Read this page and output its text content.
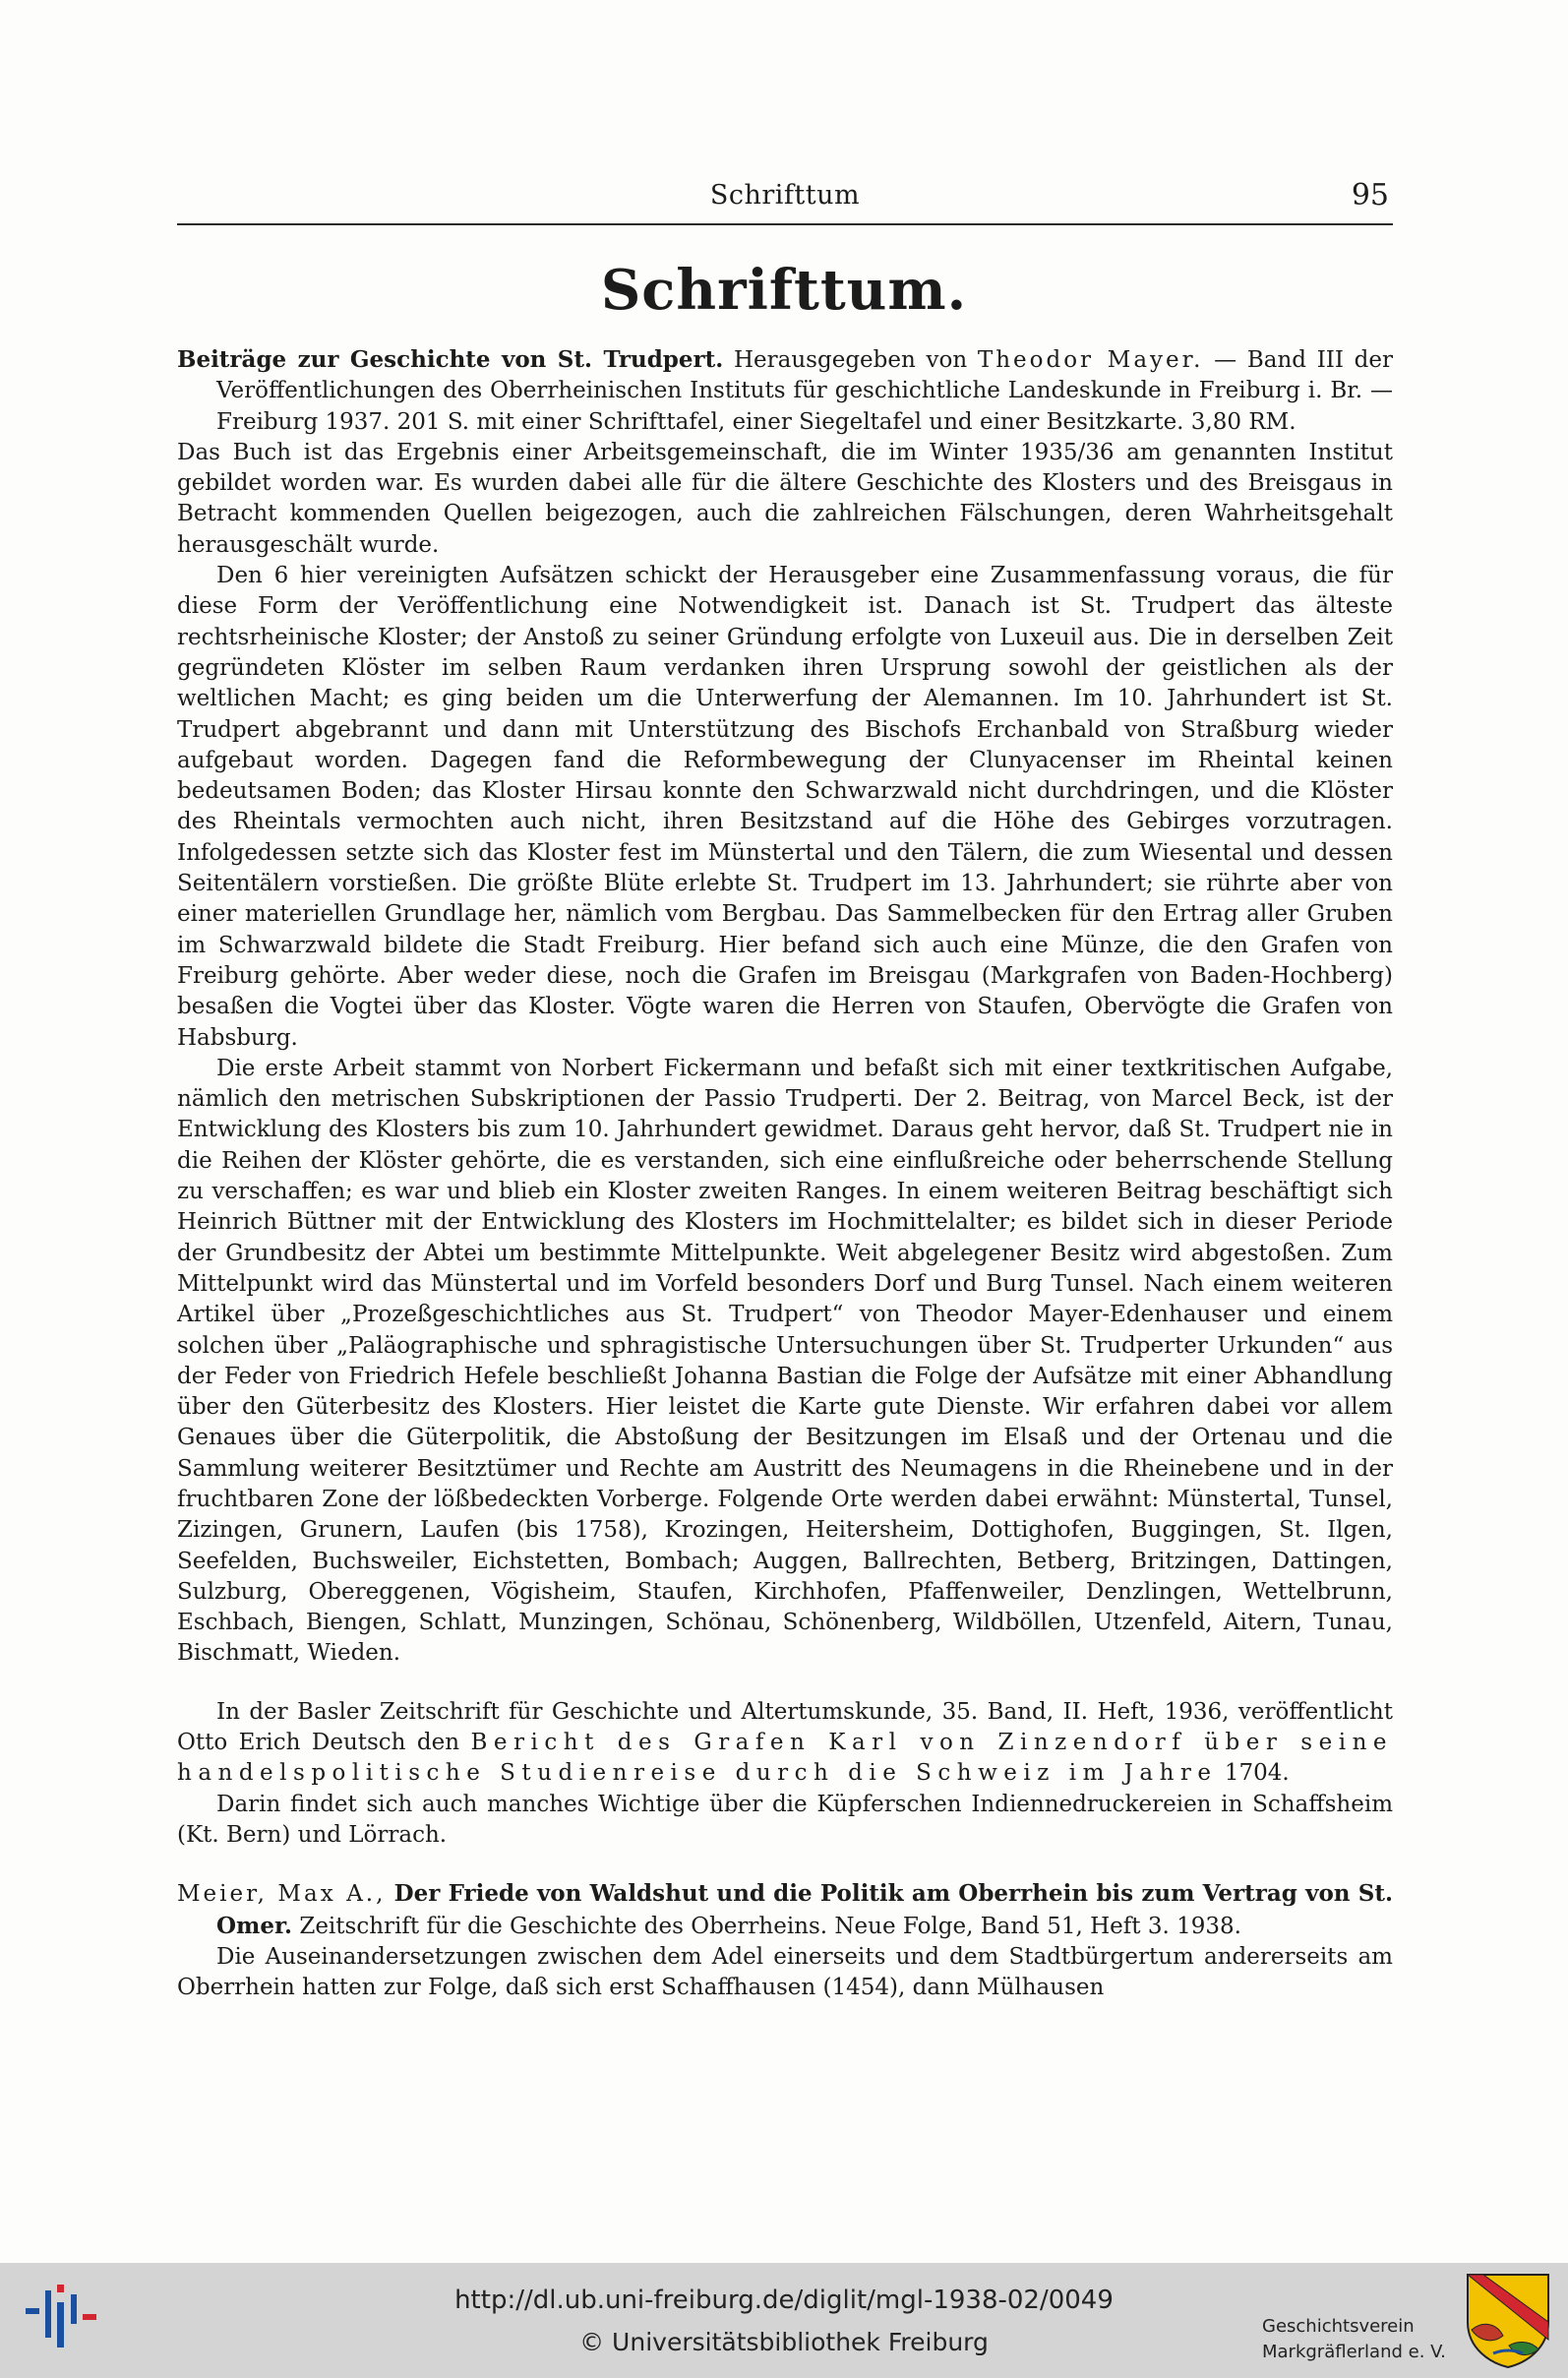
Schrifttum	95
Schrifttum.

Beiträge zur Geschichte von St. Trudpert. Herausgegeben von Theodor Mayer. — Band III der Veröffentlichungen des Oberrheinischen Instituts für geschichtliche Landeskunde in Freiburg i. Br. — Freiburg 1937. 201 S. mit einer Schrifttafel, einer Siegeltafel und einer Besitzkarte. 3,80 RM.

Das Buch ist das Ergebnis einer Arbeitsgemeinschaft, die im Winter 1935/36 am genannten Institut gebildet worden war. Es wurden dabei alle für die ältere Geschichte des Klosters und des Breisgaus in Betracht kommenden Quellen beigezogen, auch die zahlreichen Fälschungen, deren Wahrheitsgehalt herausgeschält wurde.

Den 6 hier vereinigten Aufsätzen schickt der Herausgeber eine Zusammenfassung voraus, die für diese Form der Veröffentlichung eine Notwendigkeit ist. Danach ist St. Trudpert das älteste rechtsrheinische Kloster; der Anstoß zu seiner Gründung erfolgte von Luxeuil aus. Die in derselben Zeit gegründeten Klöster im selben Raum verdanken ihren Ursprung sowohl der geistlichen als der weltlichen Macht; es ging beiden um die Unterwerfung der Alemannen. Im 10. Jahrhundert ist St. Trudpert abgebrannt und dann mit Unterstützung des Bischofs Erchanbald von Straßburg wieder aufgebaut worden. Dagegen fand die Reformbewegung der Clunyacenser im Rheintal keinen bedeutsamen Boden; das Kloster Hirsau konnte den Schwarzwald nicht durchdringen, und die Klöster des Rheintals vermochten auch nicht, ihren Besitzstand auf die Höhe des Gebirges vorzutragen. Infolgedessen setzte sich das Kloster fest im Münstertal und den Tälern, die zum Wiesental und dessen Seitentälern vorstießen. Die größte Blüte erlebte St. Trudpert im 13. Jahrhundert; sie rührte aber von einer materiellen Grundlage her, nämlich vom Bergbau. Das Sammelbecken für den Ertrag aller Gruben im Schwarzwald bildete die Stadt Freiburg. Hier befand sich auch eine Münze, die den Grafen von Freiburg gehörte. Aber weder diese, noch die Grafen im Breisgau (Markgrafen von Baden-Hochberg) besaßen die Vogtei über das Kloster. Vögte waren die Herren von Staufen, Obervögte die Grafen von Habsburg.

Die erste Arbeit stammt von Norbert Fickermann und befaßt sich mit einer textkritischen Aufgabe, nämlich den metrischen Subskriptionen der Passio Trudperti. Der 2. Beitrag, von Marcel Beck, ist der Entwicklung des Klosters bis zum 10. Jahrhundert gewidmet. Daraus geht hervor, daß St. Trudpert nie in die Reihen der Klöster gehörte, die es verstanden, sich eine einflußreiche oder beherrschende Stellung zu verschaffen; es war und blieb ein Kloster zweiten Ranges. In einem weiteren Beitrag beschäftigt sich Heinrich Büttner mit der Entwicklung des Klosters im Hochmittelalter; es bildet sich in dieser Periode der Grundbesitz der Abtei um bestimmte Mittelpunkte. Weit abgelegener Besitz wird abgestoßen. Zum Mittelpunkt wird das Münstertal und im Vorfeld besonders Dorf und Burg Tunsel. Nach einem weiteren Artikel über „Prozeßgeschichtliches aus St. Trudpert“ von Theodor Mayer-Edenhauser und einem solchen über „Paläographische und sphragistische Untersuchungen über St. Trudperter Urkunden“ aus der Feder von Friedrich Hefele beschließt Johanna Bastian die Folge der Aufsätze mit einer Abhandlung über den Güterbesitz des Klosters. Hier leistet die Karte gute Dienste. Wir erfahren dabei vor allem Genaues über die Güterpolitik, die Abstoßung der Besitzungen im Elsaß und der Ortenau und die Sammlung weiterer Besitztümer und Rechte am Austritt des Neumagens in die Rheinebene und in der fruchtbaren Zone der lößbedeckten Vorberge. Folgende Orte werden dabei erwähnt: Münstertal, Tunsel, Zizingen, Grunern, Laufen (bis 1758), Krozingen, Heitersheim, Dottighofen, Buggingen, St. Ilgen, Seefelden, Buchsweiler, Eichstetten, Bombach; Auggen, Ballrechten, Betberg, Britzingen, Dattingen, Sulzburg, Obereggenen, Vögisheim, Staufen, Kirchhofen, Pfaffenweiler, Denzlingen, Wettelbrunn, Eschbach, Biengen, Schlatt, Munzingen, Schönau, Schönenberg, Wildböllen, Utzenfeld, Aitern, Tunau, Bischmatt, Wieden.

In der Basler Zeitschrift für Geschichte und Altertumskunde, 35. Band, II. Heft, 1936, veröffentlicht Otto Erich Deutsch den Bericht des Grafen Karl von Zinzendorf über seine handelspolitische Studienreise durch die Schweiz im Jahre 1704.

Darin findet sich auch manches Wichtige über die Küpferschen Indiennedruckereien in Schaffsheim (Kt. Bern) und Lörrach.

Meier, Max A., Der Friede von Waldshut und die Politik am Oberrhein bis zum Vertrag von St. Omer. Zeitschrift für die Geschichte des Oberrheins. Neue Folge, Band 51, Heft 3. 1938.

Die Auseinandersetzungen zwischen dem Adel einerseits und dem Stadtbürgertum andererseits am Oberrhein hatten zur Folge, daß sich erst Schaffhausen (1454), dann Mülhausen

http://dl.ub.uni-freiburg.de/diglit/mgl-1938-02/0049
© Universitätsbibliothek Freiburg
Geschichtsverein
Markgräflerland e. V.
